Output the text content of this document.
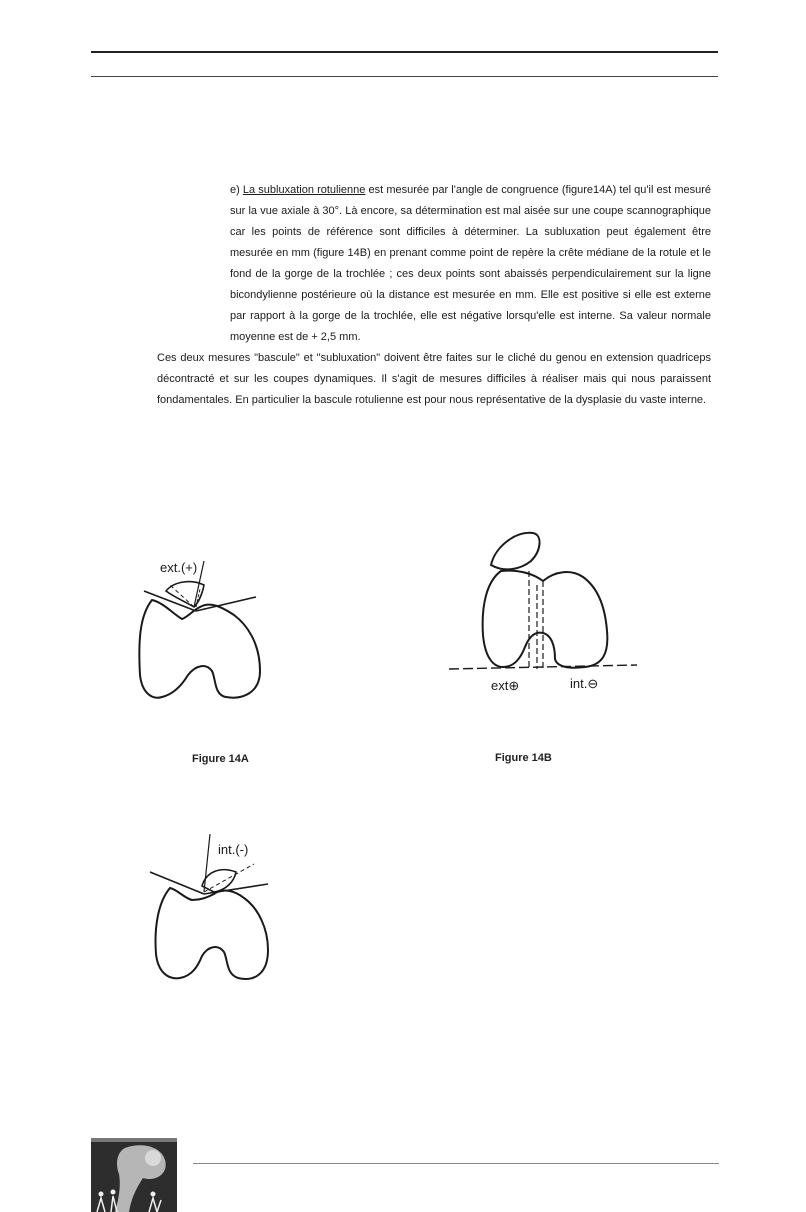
e) La subluxation rotulienne est mesurée par l'angle de congruence (figure14A) tel qu'il est mesuré sur la vue axiale à 30°. Là encore, sa détermination est mal aisée sur une coupe scannographique car les points de référence sont difficiles à déterminer. La subluxation peut également être mesurée en mm (figure 14B) en prenant comme point de repère la crête médiane de la rotule et le fond de la gorge de la trochlée ; ces deux points sont abaissés perpendiculairement sur la ligne bicondylienne postérieure où la distance est mesurée en mm. Elle est positive si elle est externe par rapport à la gorge de la trochlée, elle est négative lorsqu'elle est interne. Sa valeur normale moyenne est de + 2,5 mm.

Ces deux mesures "bascule" et "subluxation" doivent être faites sur le cliché du genou en extension quadriceps décontracté et sur les coupes dynamiques. Il s'agit de mesures difficiles à réaliser mais qui nous paraissent fondamentales. En particulier la bascule rotulienne est pour nous représentative de la dysplasie du vaste interne.

ext.(+)
Figure 14A
ext⊕	int.⊖
Figure 14B
int.(-)
